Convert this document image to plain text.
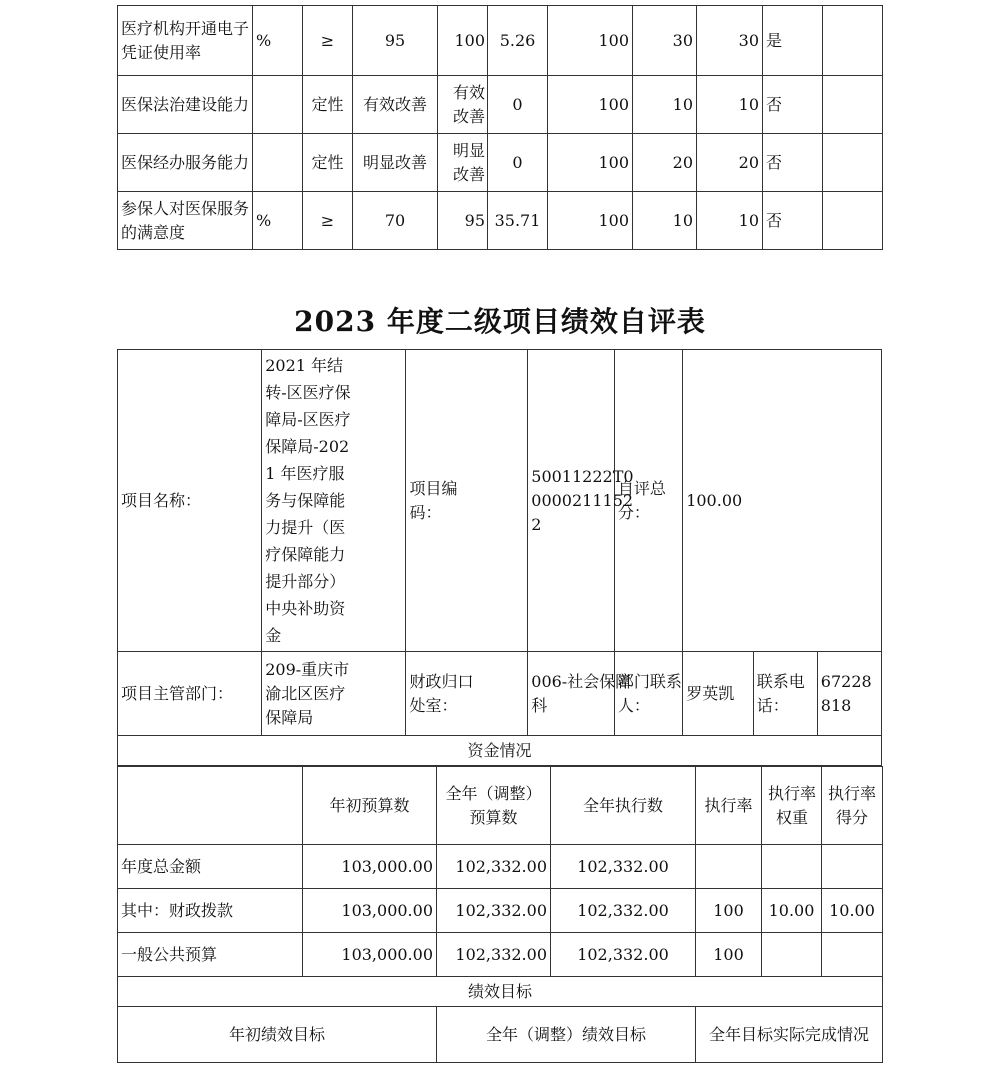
医疗机构开通电子凭证使用率	%	≥	95	100	5.26	100	30	30	是	

医保法治建设能力		定性	有效改善	有效改善	0	100	10	10	否	

医保经办服务能力		定性	明显改善	明显改善	0	100	20	20	否	

参保人对医保服务的满意度	%	≥	70	95	35.71	100	10	10	否	

2023 年度二级项目绩效自评表
项目名称：	2021 年结转-区医疗保障局-区医疗保障局-2021 年医疗服务与保障能力提升（医疗保障能力提升部分）中央补助资金	项目编码：	50011222T000002111522	自评总分：	100.00		
项目主管部门：	209-重庆市渝北区医疗保障局	财政归口处室：	006-社会保障科	部门联系人：	罗英凯	联系电话：	67228818

资金情况							
	年初预算数	全年（调整）预算数	全年执行数	执行率	执行率权重	执行率得分

年度总金额	103,000.00	102,332.00	102,332.00			
其中：财政拨款	103,000.00	102,332.00	102,332.00	100	10.00	10.00
一般公共预算	103,000.00	102,332.00	102,332.00	100		
绩效目标						
年初绩效目标		全年（调整）绩效目标		全年目标实际完成情况		
